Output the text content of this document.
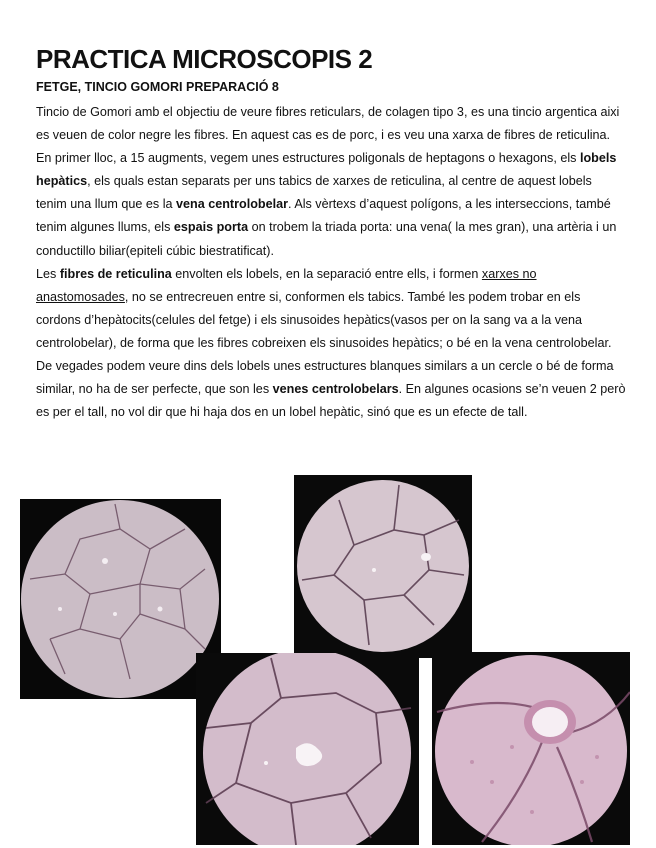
PRACTICA MICROSCOPIS 2
FETGE, TINCIO GOMORI PREPARACIÓ 8

Tincio de Gomori amb el objectiu de veure fibres reticulars, de colagen tipo 3, es una tincio argentica aixi es veuen de color negre les fibres. En aquest cas es de porc, i es veu una xarxa de fibres de reticulina.

En primer lloc, a 15 augments, vegem unes estructures poligonals de heptagons o hexagons, els lobels hepàtics, els quals estan separats per uns tabics de xarxes de reticulina, al centre de aquest lobels tenim una llum que es la vena centrolobelar. Als vèrtexs d’aquest polígons, a les interseccions, també tenim algunes llums, els espais porta on trobem la triada porta: una vena( la mes gran), una artèria i un conductillo biliar(epiteli cúbic biestratificat).

Les fibres de reticulina envolten els lobels, en la separació entre ells, i formen xarxes no anastomosades, no se entrecreuen entre si, conformen els tabics. També les podem trobar en els cordons d’hepàtocits(celules del fetge) i els sinusoides hepàtics(vasos per on la sang va a la vena centrolobelar), de forma que les fibres cobreixen els sinusoides hepàtics; o bé en la vena centrolobelar.

De vegades podem veure dins dels lobels unes estructures blanques similars a un cercle o bé de forma similar, no ha de ser perfecte, que son les venes centrolobelars. En algunes ocasions se’n veuen 2 però es per el tall, no vol dir que hi haja dos en un lobel hepàtic, sinó que es un efecte de tall.
